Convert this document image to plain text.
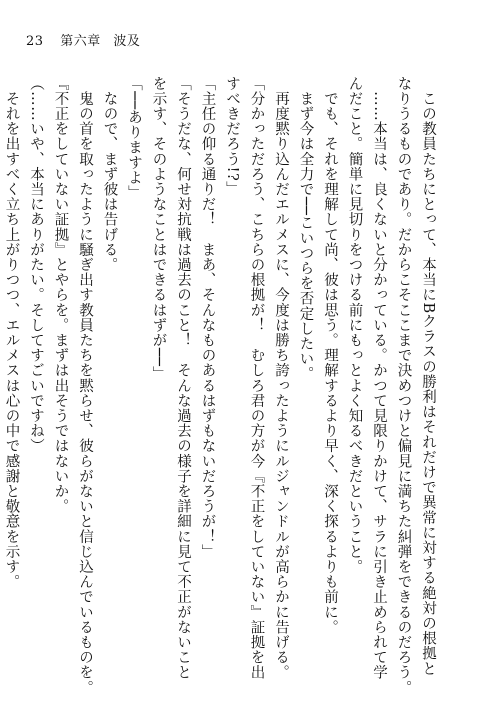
23 第六章 波及
　この教員たちにとって、本当にBクラスの勝利はそれだけで異常に対する絶対の根拠と
なりうるものであり。だからこそここまで決めつけと偏見に満ちた糾弾をできるのだろう。
　……本当は、良くないと分かっている。かつて見限りかけて、サラに引き止められて学
んだこと。簡単に見切りをつける前にもっとよく知るべきだということ。
　でも、それを理解して尚、彼は思う。理解するより早く、深く探るよりも前に。
　まず今は全力で──こいつらを否定したい。
　再度黙り込んだエルメスに、今度は勝ち誇ったようにルジャンドルが高らかに告げる。
「分かっただろう、こちらの根拠が！　むしろ君の方が今『不正をしていない』証拠を出
すべきだろう!?」
「主任の仰る通りだ！　まあ、そんなものあるはずもないだろうが！」
「そうだな、何せ対抗戦は過去のこと！　そんな過去の様子を詳細に見て不正がないこと
を示す、そのようなことはできるはずが──」
「──ありますよ」
　なので、まず彼は告げる。
　鬼の首を取ったように騒ぎ出す教員たちを黙らせ、彼らがないと信じ込んでいるものを。
『不正をしていない証拠』とやらを。まずは出そうではないか。
（……いや、本当にありがたい。そしてすごいですね）
　それを出すべく立ち上がりつつ、エルメスは心の中で感謝と敬意を示す。
